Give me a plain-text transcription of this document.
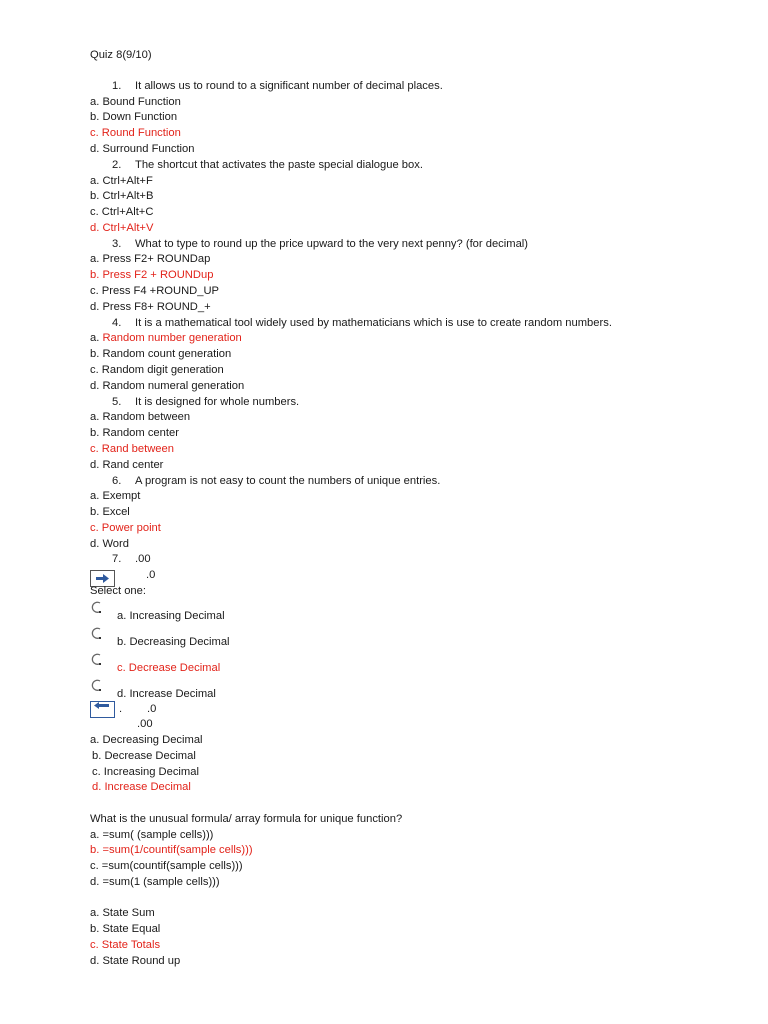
Quiz 8(9/10)
1. It allows us to round to a significant number of decimal places.
a. Bound Function
b. Down Function
c. Round Function
d. Surround Function
2. The shortcut that activates the paste special dialogue box.
a. Ctrl+Alt+F
b. Ctrl+Alt+B
c. Ctrl+Alt+C
d. Ctrl+Alt+V
3. What to type to round up the price upward to the very next penny? (for decimal)
a. Press F2+ ROUNDap
b. Press F2 + ROUNDup
c. Press F4 +ROUND_UP
d. Press F8+ ROUND_+
4. It is a mathematical tool widely used by mathematicians which is use to create random numbers.
a. Random number generation
b. Random count generation
c. Random digit generation
d. Random numeral generation
5. It is designed for whole numbers.
a. Random between
b. Random center
c. Rand between
d. Rand center
6. A program is not easy to count the numbers of unique entries.
a. Exempt
b. Excel
c. Power point
d. Word
7. .00
.0
Select one:
a. Increasing Decimal
b. Decreasing Decimal
c. Decrease Decimal
d. Increase Decimal
. .0
.00
a. Decreasing Decimal
b. Decrease Decimal
c. Increasing Decimal
d. Increase Decimal
What is the unusual formula/ array formula for unique function?
a. =sum( (sample cells)))
b. =sum(1/countif(sample cells)))
c. =sum(countif(sample cells)))
d. =sum(1 (sample cells)))
a. State Sum
b. State Equal
c. State Totals
d. State Round up
